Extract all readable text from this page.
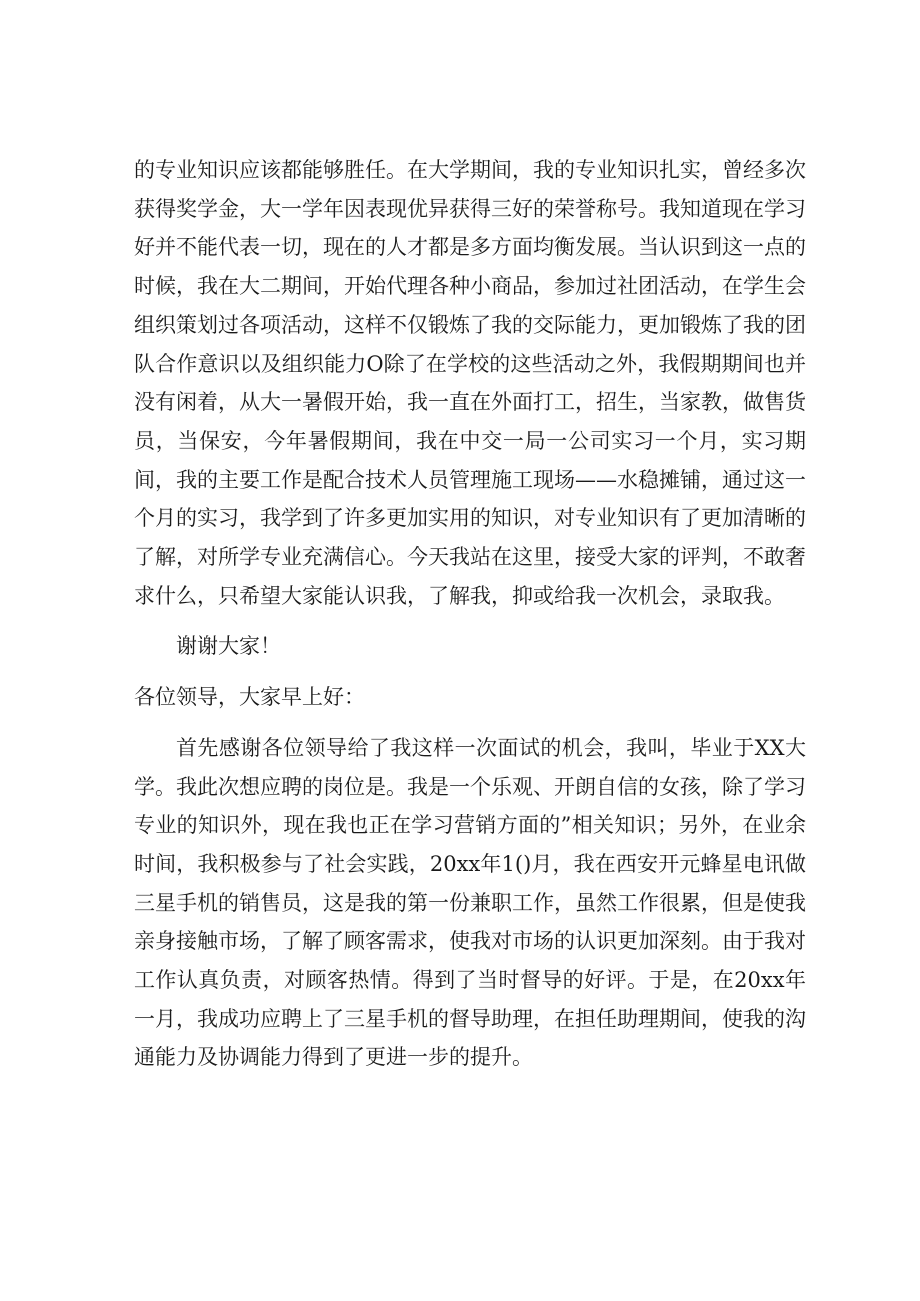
的专业知识应该都能够胜任。在大学期间，我的专业知识扎实，曾经多次获得奖学金，大一学年因表现优异获得三好的荣誉称号。我知道现在学习好并不能代表一切，现在的人才都是多方面均衡发展。当认识到这一点的时候，我在大二期间，开始代理各种小商品，参加过社团活动，在学生会组织策划过各项活动，这样不仅锻炼了我的交际能力，更加锻炼了我的团队合作意识以及组织能力O除了在学校的这些活动之外，我假期期间也并没有闲着，从大一暑假开始，我一直在外面打工，招生，当家教，做售货员，当保安，今年暑假期间，我在中交一局一公司实习一个月，实习期间，我的主要工作是配合技术人员管理施工现场——水稳摊铺，通过这一个月的实习，我学到了许多更加实用的知识，对专业知识有了更加清晰的了解，对所学专业充满信心。今天我站在这里，接受大家的评判，不敢奢求什么，只希望大家能认识我，了解我，抑或给我一次机会，录取我。

谢谢大家！

各位领导，大家早上好：

首先感谢各位领导给了我这样一次面试的机会，我叫，毕业于XX大学。我此次想应聘的岗位是。我是一个乐观、开朗自信的女孩，除了学习专业的知识外，现在我也正在学习营销方面的”相关知识；另外，在业余时间，我积极参与了社会实践，20xx年1()月，我在西安开元蜂星电讯做三星手机的销售员，这是我的第一份兼职工作，虽然工作很累，但是使我亲身接触市场，了解了顾客需求，使我对市场的认识更加深刻。由于我对工作认真负责，对顾客热情。得到了当时督导的好评。于是，在20xx年一月，我成功应聘上了三星手机的督导助理，在担任助理期间，使我的沟通能力及协调能力得到了更进一步的提升。
